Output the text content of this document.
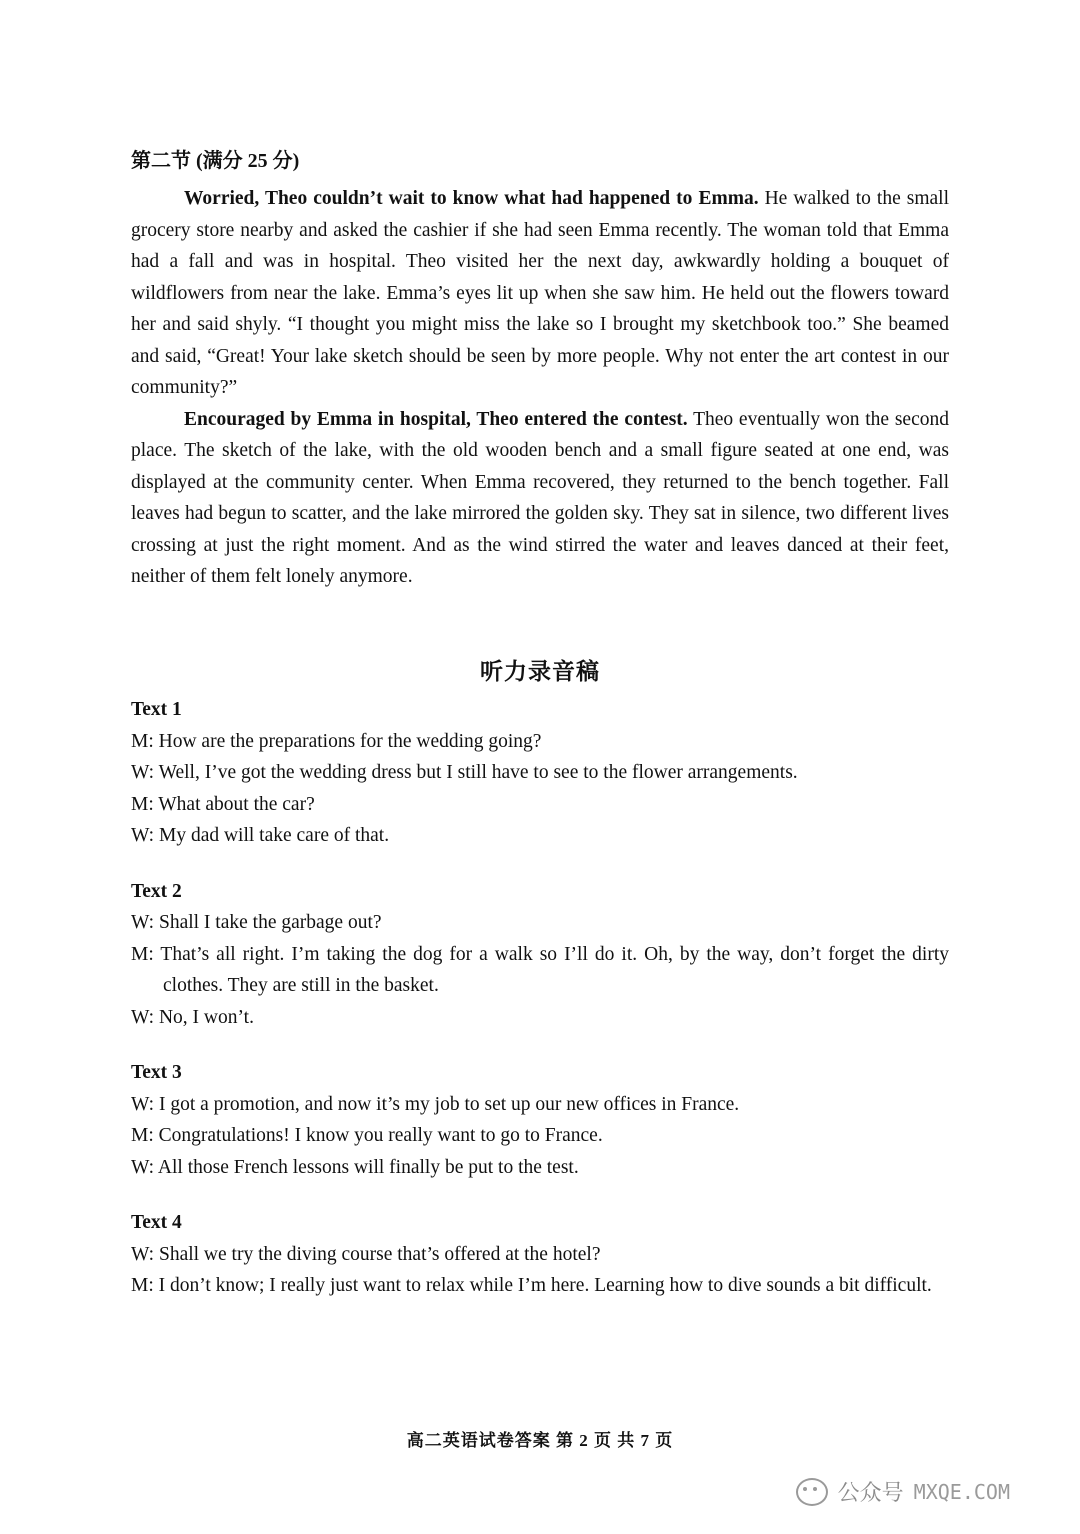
第二节 (满分 25 分)

Worried, Theo couldn’t wait to know what had happened to Emma. He walked to the small grocery store nearby and asked the cashier if she had seen Emma recently. The woman told that Emma had a fall and was in hospital. Theo visited her the next day, awkwardly holding a bouquet of wildflowers from near the lake. Emma’s eyes lit up when she saw him. He held out the flowers toward her and said shyly. “I thought you might miss the lake so I brought my sketchbook too.” She beamed and said, “Great! Your lake sketch should be seen by more people. Why not enter the art contest in our community?”

Encouraged by Emma in hospital, Theo entered the contest. Theo eventually won the second place. The sketch of the lake, with the old wooden bench and a small figure seated at one end, was displayed at the community center. When Emma recovered, they returned to the bench together. Fall leaves had begun to scatter, and the lake mirrored the golden sky. They sat in silence, two different lives crossing at just the right moment. And as the wind stirred the water and leaves danced at their feet, neither of them felt lonely anymore.

听力录音稿
Text 1
M: How are the preparations for the wedding going?
W: Well, I’ve got the wedding dress but I still have to see to the flower arrangements.
M: What about the car?
W: My dad will take care of that.
Text 2
W: Shall I take the garbage out?
M: That’s all right. I’m taking the dog for a walk so I’ll do it. Oh, by the way, don’t forget the dirty clothes. They are still in the basket.
W: No, I won’t.
Text 3
W: I got a promotion, and now it’s my job to set up our new offices in France.
M: Congratulations! I know you really want to go to France.
W: All those French lessons will finally be put to the test.
Text 4
W: Shall we try the diving course that’s offered at the hotel?
M: I don’t know; I really just want to relax while I’m here. Learning how to dive sounds a bit difficult.
高二英语试卷答案 第 2 页 共 7 页
公众号 MXQE.COM
